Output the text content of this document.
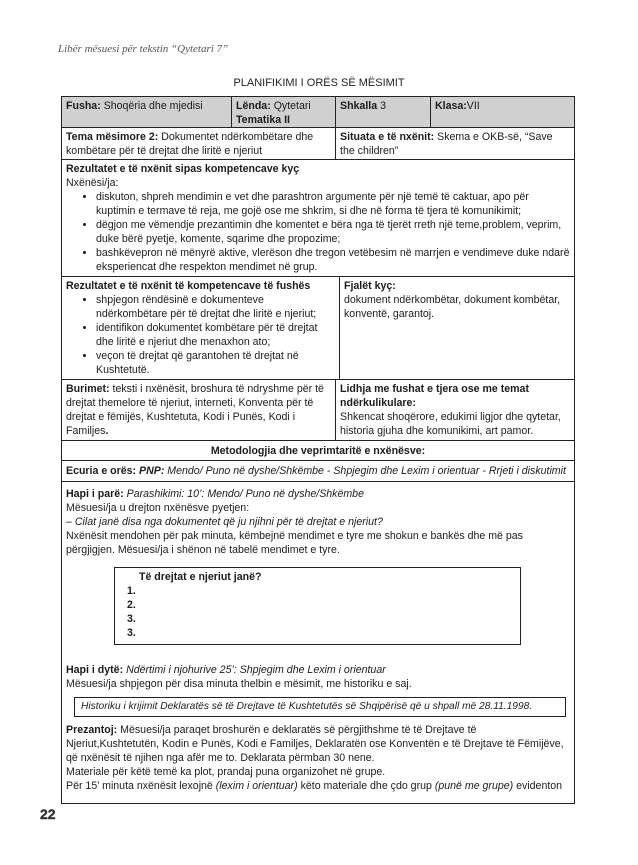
Libër mësuesi për tekstin “Qytetari 7”
PLANIFIKIMI I ORËS SË MËSIMIT
Fusha: Shoqëria dhe mjedisi	Lënda: Qytetari
Tematika II
Shkalla 3	Klasa:VII
Tema mësimore 2: Dokumentet ndërkombëtare dhe kombëtare për të drejtat dhe liritë e njeriut
Situata e të nxënit: Skema e OKB-së, “Save the children”
Rezultatet e të nxënit sipas kompetencave kyç
Nxënësi/ja:
• diskuton, shpreh mendimin e vet dhe parashtron argumente për një temë të caktuar, apo për kuptimin e termave të reja, me gojë ose me shkrim, si dhe në forma të tjera të komunikimit;
• dëgjon me vëmendje prezantimin dhe komentet e bëra nga të tjerët rreth një teme,problem, veprim, duke bërë pyetje, komente, sqarime dhe propozime;
• bashkëvepron në mënyrë aktive, vlerëson dhe tregon vetëbesim në marrjen e vendimeve duke ndarë eksperiencat dhe respekton mendimet në grup.
Rezultatet e të nxënit të kompetencave të fushës
• shpjegon rëndësinë e dokumenteve ndërkombëtare për të drejtat dhe liritë e njeriut;
• identifikon dokumentet kombëtare për të drejtat dhe liritë e njeriut dhe menaxhon ato;
• veçon të drejtat që garantohen të drejtat në Kushtetutë.
Fjalët kyç:
dokument ndërkombëtar, dokument kombëtar, konventë, garantoj.
Burimet: teksti i nxënësit, broshura të ndryshme për të drejtat themelore të njeriut, interneti, Konventa për të drejtat e fëmijës, Kushtetuta, Kodi i Punës, Kodi i Familjes.
Lidhja me fushat e tjera ose me temat ndërkulikulare:
Shkencat shoqërore, edukimi ligjor dhe qytetar, historia gjuha dhe komunikimi, art pamor.
Metodologjia dhe veprimtaritë e nxënësve:
Ecuria e orës: PNP: Mendo/ Puno në dyshe/Shkëmbe - Shpjegim dhe Lexim i orientuar - Rrjeti i diskutimit
Hapi i parë: Parashikimi: 10’: Mendo/ Puno në dyshe/Shkëmbe
Mësuesi/ja u drejton nxënësve pyetjen:
– Cilat janë disa nga dokumentet që ju njihni për të drejtat e njeriut?
Nxënësit mendohen për pak minuta, këmbejnë mendimet e tyre me shokun e bankës dhe më pas përgjigjen. Mësuesi/ja i shënon në tabelë mendimet e tyre.
Të drejtat e njeriut janë?
1.
2.
3.
3.
Hapi i dytë: Ndërtimi i njohurive 25’: Shpjegim dhe Lexim i orientuar
Mësuesi/ja shpjegon për disa minuta thelbin e mësimit, me historiku e saj.
Historiku i krijimit Deklaratës së të Drejtave të Kushtetutës së Shqipërisë që u shpall më 28.11.1998.
Prezantoj: Mësuesi/ja paraqet broshurën e deklaratës së përgjithshme të të Drejtave të Njeriut,Kushtetutën, Kodin e Punës, Kodi e Familjes, Deklaratën ose Konventën e të Drejtave të Fëmijëve, që nxënësit të njihen nga afër me to. Deklarata përmban 30 nene.
Materiale për këtë temë ka plot, prandaj puna organizohet në grupe.
Për 15’ minuta nxënësit lexojnë (lexim i orientuar) këto materiale dhe çdo grup (punë me grupe) evidenton
22
